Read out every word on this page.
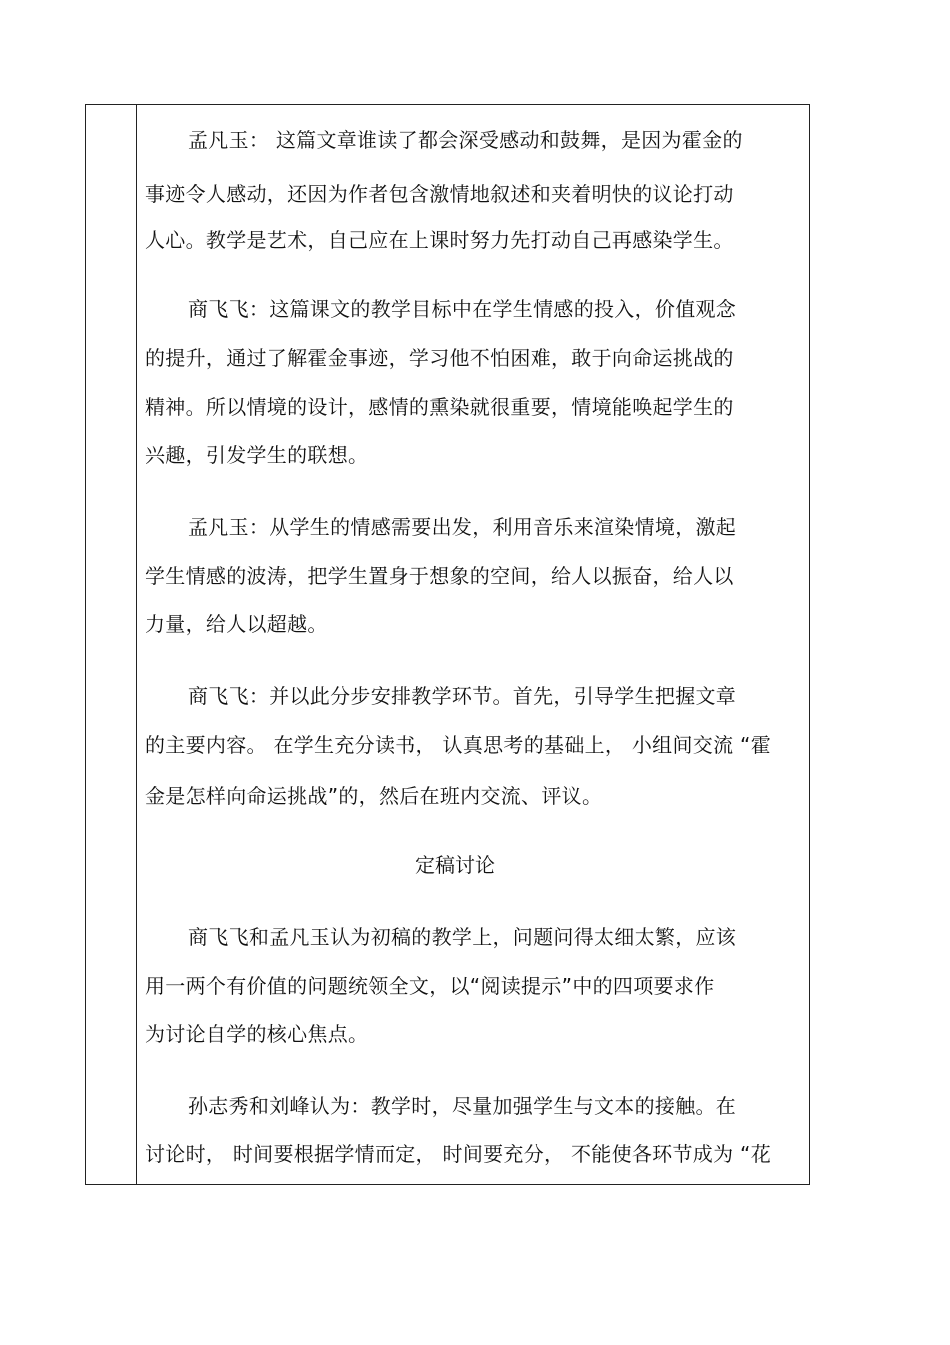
孟凡玉： 这篇文章谁读了都会深受感动和鼓舞，是因为霍金的
事迹令人感动，还因为作者包含激情地叙述和夹着明快的议论打动
人心。教学是艺术，自己应在上课时努力先打动自己再感染学生。
商飞飞：这篇课文的教学目标中在学生情感的投入，价值观念
的提升，通过了解霍金事迹，学习他不怕困难，敢于向命运挑战的
精神。所以情境的设计，感情的熏染就很重要，情境能唤起学生的
兴趣，引发学生的联想。
孟凡玉：从学生的情感需要出发，利用音乐来渲染情境，激起
学生情感的波涛，把学生置身于想象的空间，给人以振奋，给人以
力量，给人以超越。
商飞飞：并以此分步安排教学环节。首先，引导学生把握文章
的主要内容。 在学生充分读书， 认真思考的基础上， 小组间交流 “霍
金是怎样向命运挑战”的，然后在班内交流、评议。
定稿讨论
商飞飞和孟凡玉认为初稿的教学上，问题问得太细太繁，应该
用一两个有价值的问题统领全文，以“阅读提示”中的四项要求作
为讨论自学的核心焦点。
孙志秀和刘峰认为：教学时，尽量加强学生与文本的接触。在
讨论时， 时间要根据学情而定， 时间要充分， 不能使各环节成为 “花
